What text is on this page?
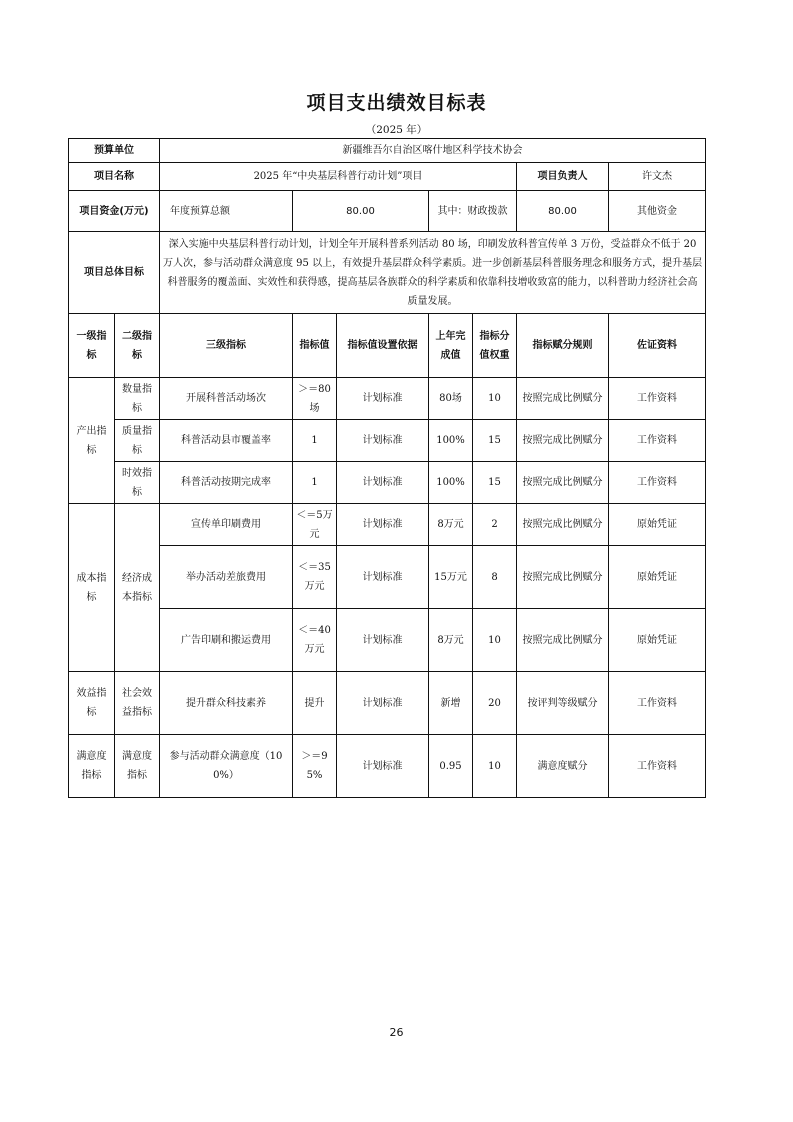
项目支出绩效目标表
（2025 年）
预算单位		新疆维吾尔自治区喀什地区科学技术协会						
项目名称		2025 年“中央基层科普行动计划”项目					项目负责人	许文杰
项目资金(万元)		年度预算总额	80.00		其中：财政拨款		80.00	其他资金
项目总体目标		深入实施中央基层科普行动计划，计划全年开展科普系列活动 80 场，印刷发放科普宣传单 3 万份，受益群众不低于 20 万人次，参与活动群众满意度 95 以上，有效提升基层群众科学素质。进一步创新基层科普服务理念和服务方式，提升基层科普服务的覆盖面、实效性和获得感，提高基层各族群众的科学素质和依靠科技增收致富的能力，以科普助力经济社会高质量发展。						
一级指标	二级指标	三级指标	指标值	指标值设置依据	上年完成值	指标分值权重	指标赋分规则	佐证资料
产出指标	数量指标	开展科普活动场次	＞＝80场	计划标准	80场	10	按照完成比例赋分	工作资料
	质量指标	科普活动县市覆盖率	1	计划标准	100%	15	按照完成比例赋分	工作资料
	时效指标	科普活动按期完成率	1	计划标准	100%	15	按照完成比例赋分	工作资料
成本指标	经济成本指标	宣传单印刷费用	＜＝5万元	计划标准	8万元	2	按照完成比例赋分	原始凭证
		举办活动差旅费用	＜＝35万元	计划标准	15万元	8	按照完成比例赋分	原始凭证
		广告印刷和搬运费用	＜＝40万元	计划标准	8万元	10	按照完成比例赋分	原始凭证
效益指标	社会效益指标	提升群众科技素养	提升	计划标准	新增	20	按评判等级赋分	工作资料
满意度指标	满意度指标	参与活动群众满意度（100%）	＞＝95%	计划标准	0.95	10	满意度赋分	工作资料
26
